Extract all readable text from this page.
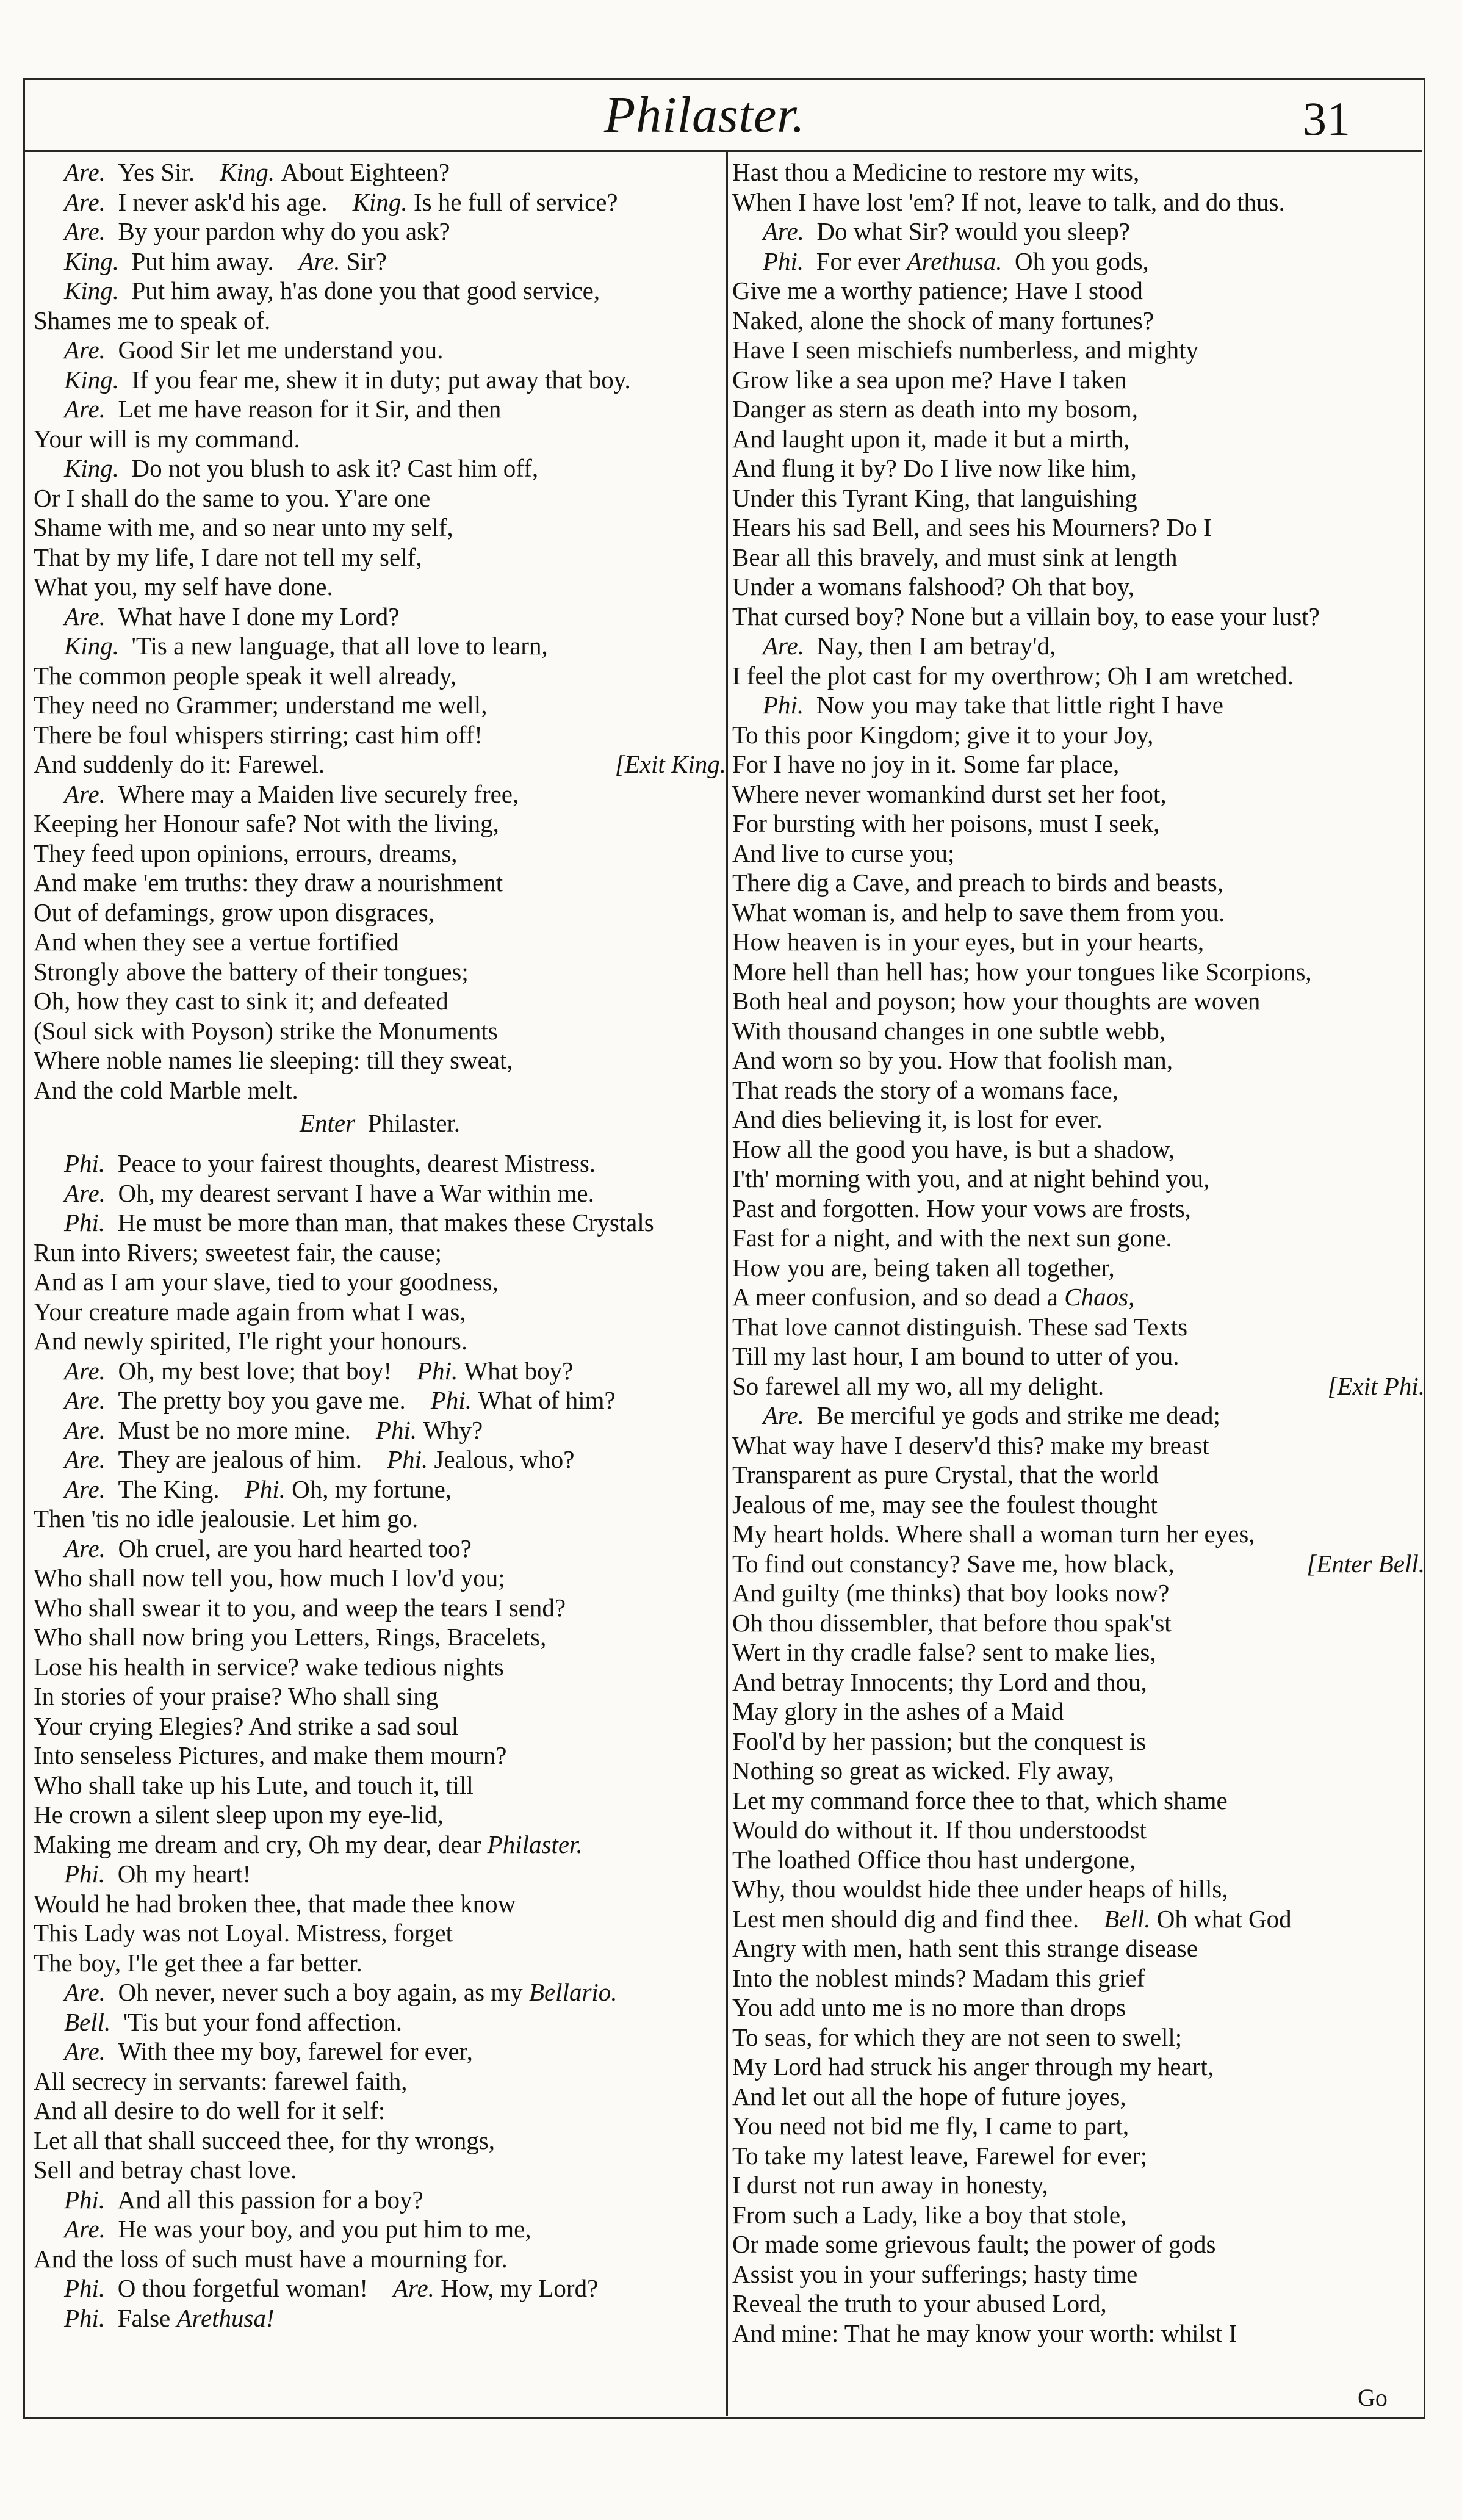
Philaster.	31
Are. Yes Sir. King. About Eighteen?
Are. I never ask'd his age. King. Is he full of service?
Are. By your pardon why do you ask?
King. Put him away. Are. Sir?
King. Put him away, h'as done you that good service,
Shames me to speak of.
Are. Good Sir let me understand you.
King. If you fear me, shew it in duty; put away that boy.
Are. Let me have reason for it Sir, and then
Your will is my command.
King. Do not you blush to ask it? Cast him off,
Or I shall do the same to you. Y'are one
Shame with me, and so near unto my self,
That by my life, I dare not tell my self,
What you, my self have done.
Are. What have I done my Lord?
King. 'Tis a new language, that all love to learn,
The common people speak it well already,
They need no Grammer; understand me well,
There be foul whispers stirring; cast him off!
And suddenly do it: Farewel.	[Exit King.
Are. Where may a Maiden live securely free,
Keeping her Honour safe? Not with the living,
They feed upon opinions, errours, dreams,
And make 'em truths: they draw a nourishment
Out of defamings, grow upon disgraces,
And when they see a vertue fortified
Strongly above the battery of their tongues;
Oh, how they cast to sink it; and defeated
(Soul sick with Poyson) strike the Monuments
Where noble names lie sleeping: till they sweat,
And the cold Marble melt.
Enter Philaster.
Phi. Peace to your fairest thoughts, dearest Mistress.
Are. Oh, my dearest servant I have a War within me.
Phi. He must be more than man, that makes these Crystals
Run into Rivers; sweetest fair, the cause;
And as I am your slave, tied to your goodness,
Your creature made again from what I was,
And newly spirited, I'le right your honours.
Are. Oh, my best love; that boy! Phi. What boy?
Are. The pretty boy you gave me. Phi. What of him?
Are. Must be no more mine. Phi. Why?
Are. They are jealous of him. Phi. Jealous, who?
Are. The King. Phi. Oh, my fortune,
Then 'tis no idle jealousie. Let him go.
Are. Oh cruel, are you hard hearted too?
Who shall now tell you, how much I lov'd you;
Who shall swear it to you, and weep the tears I send?
Who shall now bring you Letters, Rings, Bracelets,
Lose his health in service? wake tedious nights
In stories of your praise? Who shall sing
Your crying Elegies? And strike a sad soul
Into senseless Pictures, and make them mourn?
Who shall take up his Lute, and touch it, till
He crown a silent sleep upon my eye-lid,
Making me dream and cry, Oh my dear, dear Philaster.
Phi. Oh my heart!
Would he had broken thee, that made thee know
This Lady was not Loyal. Mistress, forget
The boy, I'le get thee a far better.
Are. Oh never, never such a boy again, as my Bellario.
Bell. 'Tis but your fond affection.
Are. With thee my boy, farewel for ever,
All secrecy in servants: farewel faith,
And all desire to do well for it self:
Let all that shall succeed thee, for thy wrongs,
Sell and betray chast love.
Phi. And all this passion for a boy?
Are. He was your boy, and you put him to me,
And the loss of such must have a mourning for.
Phi. O thou forgetful woman! Are. How, my Lord?
Phi. False Arethusa!
Hast thou a Medicine to restore my wits,
When I have lost 'em? If not, leave to talk, and do thus.
Are. Do what Sir? would you sleep?
Phi. For ever Arethusa. Oh you gods,
Give me a worthy patience; Have I stood
Naked, alone the shock of many fortunes?
Have I seen mischiefs numberless, and mighty
Grow like a sea upon me? Have I taken
Danger as stern as death into my bosom,
And laught upon it, made it but a mirth,
And flung it by? Do I live now like him,
Under this Tyrant King, that languishing
Hears his sad Bell, and sees his Mourners? Do I
Bear all this bravely, and must sink at length
Under a womans falshood? Oh that boy,
That cursed boy? None but a villain boy, to ease your lust?
Are. Nay, then I am betray'd,
I feel the plot cast for my overthrow; Oh I am wretched.
Phi. Now you may take that little right I have
To this poor Kingdom; give it to your Joy,
For I have no joy in it. Some far place,
Where never womankind durst set her foot,
For bursting with her poisons, must I seek,
And live to curse you;
There dig a Cave, and preach to birds and beasts,
What woman is, and help to save them from you.
How heaven is in your eyes, but in your hearts,
More hell than hell has; how your tongues like Scorpions,
Both heal and poyson; how your thoughts are woven
With thousand changes in one subtle webb,
And worn so by you. How that foolish man,
That reads the story of a womans face,
And dies believing it, is lost for ever.
How all the good you have, is but a shadow,
I'th' morning with you, and at night behind you,
Past and forgotten. How your vows are frosts,
Fast for a night, and with the next sun gone.
How you are, being taken all together,
A meer confusion, and so dead a Chaos,
That love cannot distinguish. These sad Texts
Till my last hour, I am bound to utter of you.
So farewel all my wo, all my delight.	[Exit Phi.
Are. Be merciful ye gods and strike me dead;
What way have I deserv'd this? make my breast
Transparent as pure Crystal, that the world
Jealous of me, may see the foulest thought
My heart holds. Where shall a woman turn her eyes,
To find out constancy? Save me, how black,	[Enter Bell.
And guilty (me thinks) that boy looks now?
Oh thou dissembler, that before thou spak'st
Wert in thy cradle false? sent to make lies,
And betray Innocents; thy Lord and thou,
May glory in the ashes of a Maid
Fool'd by her passion; but the conquest is
Nothing so great as wicked. Fly away,
Let my command force thee to that, which shame
Would do without it. If thou understoodst
The loathed Office thou hast undergone,
Why, thou wouldst hide thee under heaps of hills,
Lest men should dig and find thee. Bell. Oh what God
Angry with men, hath sent this strange disease
Into the noblest minds? Madam this grief
You add unto me is no more than drops
To seas, for which they are not seen to swell;
My Lord had struck his anger through my heart,
And let out all the hope of future joyes,
You need not bid me fly, I came to part,
To take my latest leave, Farewel for ever;
I durst not run away in honesty,
From such a Lady, like a boy that stole,
Or made some grievous fault; the power of gods
Assist you in your sufferings; hasty time
Reveal the truth to your abused Lord,
And mine: That he may know your worth: whilst I
Go
